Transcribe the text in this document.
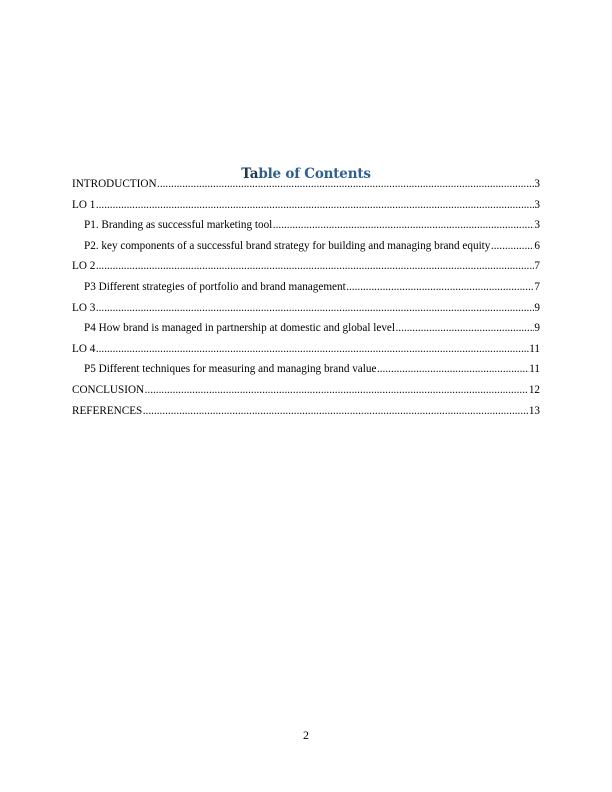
Table of Contents
INTRODUCTION .....	3
LO 1 .....	3
P1. Branding as successful marketing tool .....	3
P2. key components of a successful brand strategy for building and managing brand equity .....	6
LO 2 .....	7
P3 Different strategies of portfolio and brand management .....	7
LO 3 .....	9
P4 How brand is managed in partnership at domestic and global level .....	9
LO 4 .....	11
P5 Different techniques for measuring and managing brand value .....	11
CONCLUSION .....	12
REFERENCES .....	13
2
